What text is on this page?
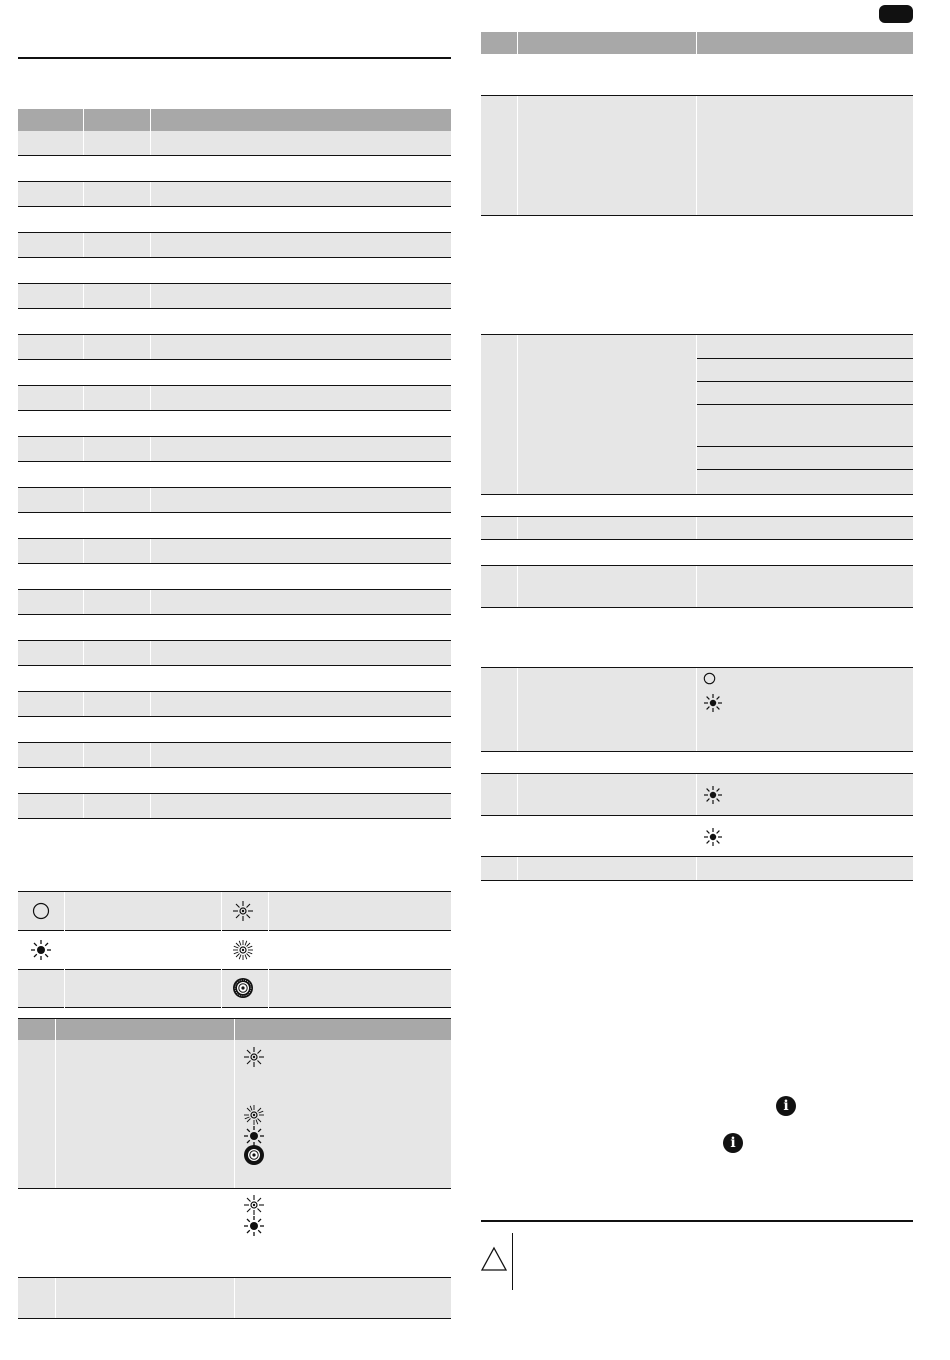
i
i
